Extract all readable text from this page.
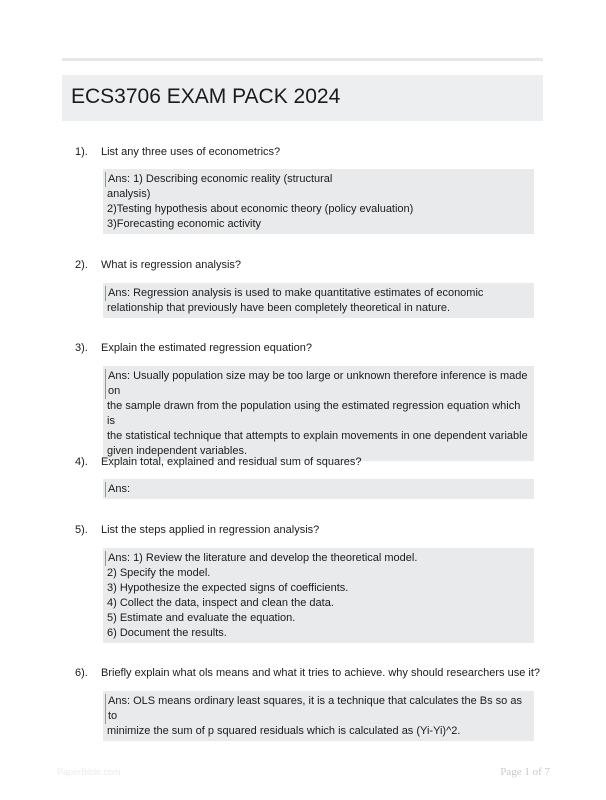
ECS3706 EXAM PACK 2024
1). List any three uses of econometrics?
Ans: 1) Describing economic reality (structural
analysis)
2)Testing hypothesis about economic theory (policy evaluation)
3)Forecasting economic activity
2). What is regression analysis?
Ans: Regression analysis is used to make quantitative estimates of economic
relationship that previously have been completely theoretical in nature.
3). Explain the estimated regression equation?
Ans: Usually population size may be too large or unknown therefore inference is made on
the sample drawn from the population using the estimated regression equation which is
the statistical technique that attempts to explain movements in one dependent variable
given independent variables.
4). Explain total, explained and residual sum of squares?
Ans:
5). List the steps applied in regression analysis?
Ans: 1) Review the literature and develop the theoretical model.
2) Specify the model.
3) Hypothesize the expected signs of coefficients.
4) Collect the data, inspect and clean the data.
5) Estimate and evaluate the equation.
6) Document the results.
6). Briefly explain what ols means and what it tries to achieve. why should researchers use it?
Ans: OLS means ordinary least squares, it is a technique that calculates the Bs so as to
minimize the sum of p squared residuals which is calculated as (Yi-Yi)^2.
PaperBible.com	Page 1 of 7
